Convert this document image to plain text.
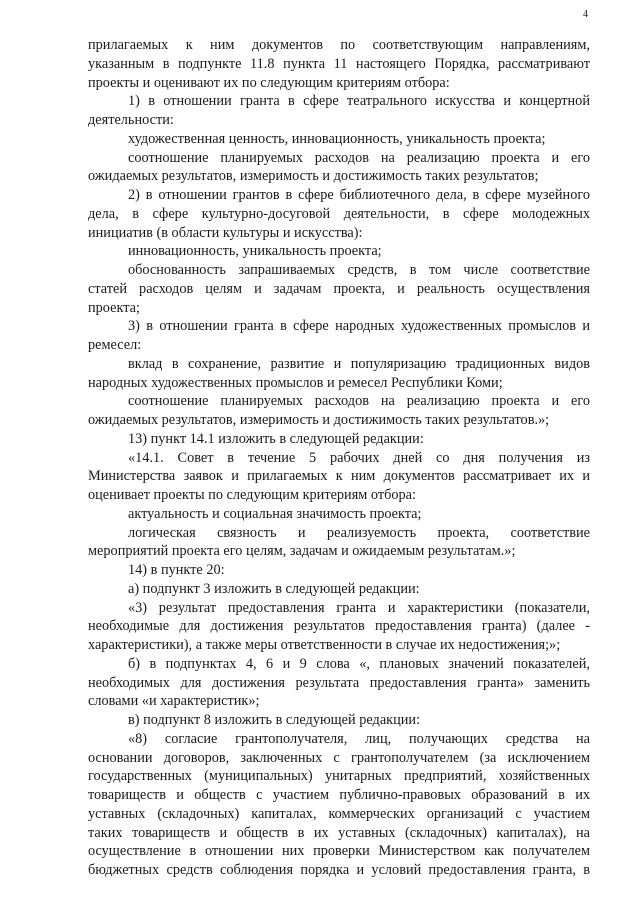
4
прилагаемых к ним документов по соответствующим направлениям,
указанным в подпункте 11.8 пункта 11 настоящего Порядка, рассматривают
проекты и оценивают их по следующим критериям отбора:
1) в отношении гранта в сфере театрального искусства и концертной
деятельности:
художественная ценность, инновационность, уникальность проекта;
соотношение планируемых расходов на реализацию проекта и его
ожидаемых результатов, измеримость и достижимость таких результатов;
2) в отношении грантов в сфере библиотечного дела, в сфере музейного
дела, в сфере культурно-досуговой деятельности, в сфере молодежных
инициатив (в области культуры и искусства):
инновационность, уникальность проекта;
обоснованность запрашиваемых средств, в том числе соответствие
статей расходов целям и задачам проекта, и реальность осуществления
проекта;
3) в отношении гранта в сфере народных художественных промыслов и
ремесел:
вклад в сохранение, развитие и популяризацию традиционных видов
народных художественных промыслов и ремесел Республики Коми;
соотношение планируемых расходов на реализацию проекта и его
ожидаемых результатов, измеримость и достижимость таких результатов.»;
13) пункт 14.1 изложить в следующей редакции:
«14.1. Совет в течение 5 рабочих дней со дня получения из
Министерства заявок и прилагаемых к ним документов рассматривает их и
оценивает проекты по следующим критериям отбора:
актуальность и социальная значимость проекта;
логическая связность и реализуемость проекта, соответствие
мероприятий проекта его целям, задачам и ожидаемым результатам.»;
14) в пункте 20:
а) подпункт 3 изложить в следующей редакции:
«3) результат предоставления гранта и характеристики (показатели,
необходимые для достижения результатов предоставления гранта) (далее -
характеристики), а также меры ответственности в случае их недостижения;»;
б) в подпунктах 4, 6 и 9 слова «, плановых значений показателей,
необходимых для достижения результата предоставления гранта» заменить
словами «и характеристик»;
в) подпункт 8 изложить в следующей редакции:
«8) согласие грантополучателя, лиц, получающих средства на
основании договоров, заключенных с грантополучателем (за исключением
государственных (муниципальных) унитарных предприятий, хозяйственных
товариществ и обществ с участием публично-правовых образований в их
уставных (складочных) капиталах, коммерческих организаций с участием
таких товариществ и обществ в их уставных (складочных) капиталах), на
осуществление в отношении них проверки Министерством как получателем
бюджетных средств соблюдения порядка и условий предоставления гранта, в
